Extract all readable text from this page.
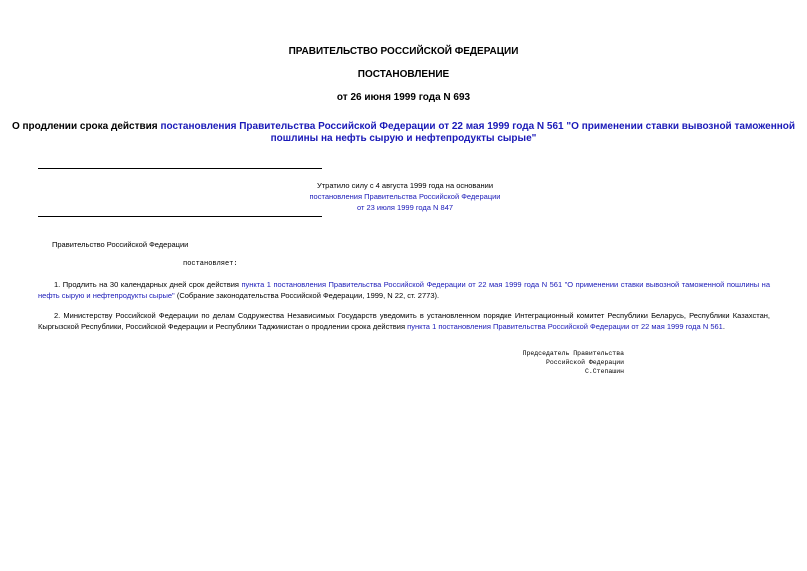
ПРАВИТЕЛЬСТВО РОССИЙСКОЙ ФЕДЕРАЦИИ
ПОСТАНОВЛЕНИЕ
от 26 июня 1999 года N 693
О продлении срока действия постановления Правительства Российской Федерации от 22 мая 1999 года N 561 "О применении ставки вывозной таможенной пошлины на нефть сырую и нефтепродукты сырые"
Утратило силу с 4 августа 1999 года на основании
постановления Правительства Российской Федерации
от 23 июля 1999 года N 847
Правительство Российской Федерации
постановляет:
1. Продлить на 30 календарных дней срок действия пункта 1 постановления Правительства Российской Федерации от 22 мая 1999 года N 561 "О применении ставки вывозной таможенной пошлины на нефть сырую и нефтепродукты сырые" (Собрание законодательства Российской Федерации, 1999, N 22, ст. 2773).
2. Министерству Российской Федерации по делам Содружества Независимых Государств уведомить в установленном порядке Интеграционный комитет Республики Беларусь, Республики Казахстан, Кыргызской Республики, Российской Федерации и Республики Таджикистан о продлении срока действия пункта 1 постановления Правительства Российской Федерации от 22 мая 1999 года N 561.
Председатель Правительства
Российской Федерации
С.Степашин
